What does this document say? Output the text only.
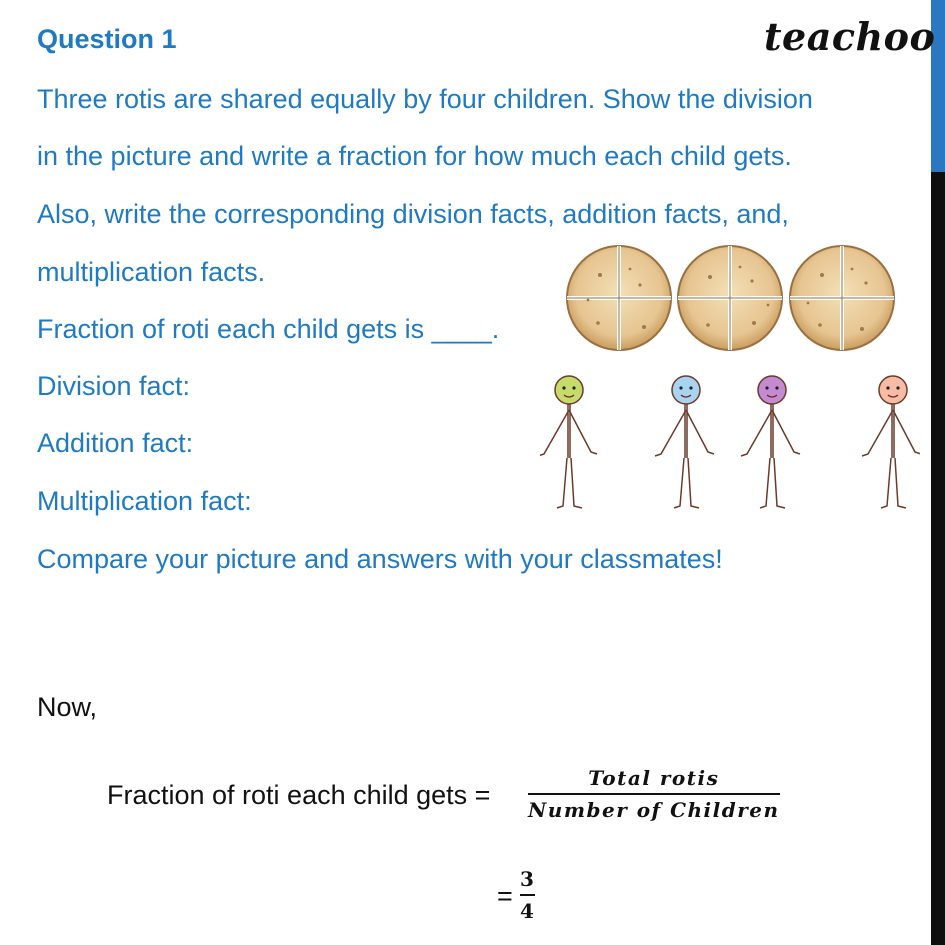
Question 1	teachoo
Three rotis are shared equally by four children. Show the division
in the picture and write a fraction for how much each child gets.
Also, write the corresponding division facts, addition facts, and,
multiplication facts.
Fraction of roti each child gets is ____.
Division fact:
Addition fact:
Multiplication fact:
Compare your picture and answers with your classmates!
Now,
Fraction of roti each child gets =
Total rotis
Number of Children
=
3
4
